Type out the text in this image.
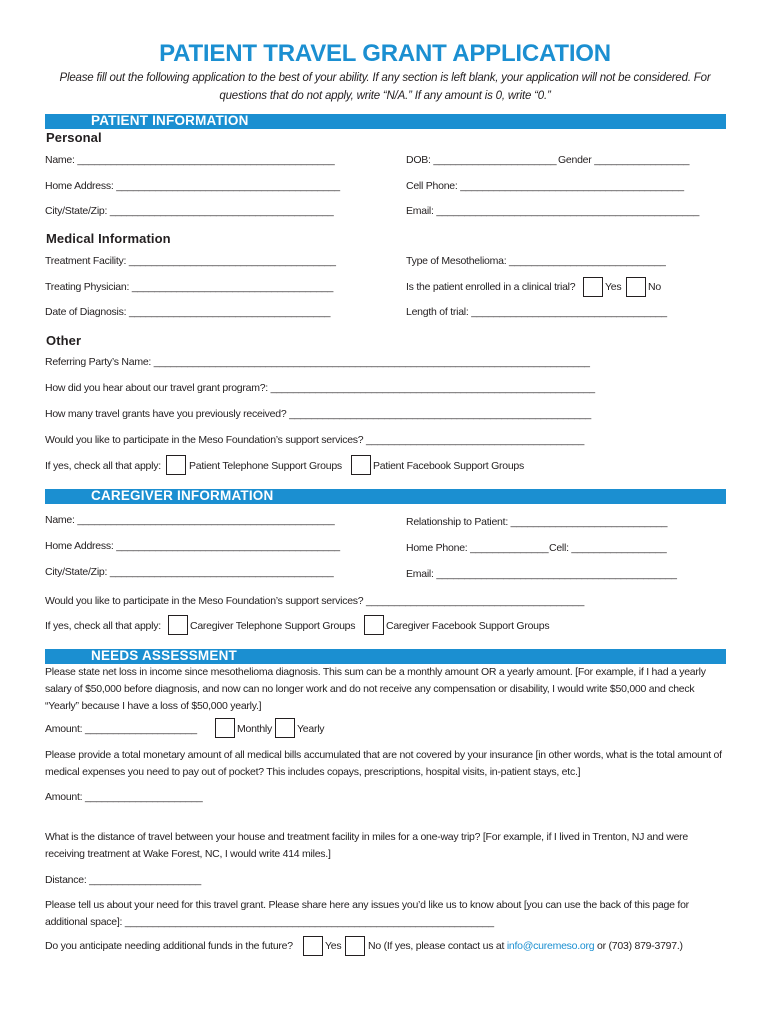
PATIENT TRAVEL GRANT APPLICATION
Please fill out the following application to the best of your ability. If any section is left blank, your application will not be considered. For questions that do not apply, write “N/A.” If any amount is 0, write “0.”
PATIENT INFORMATION
Personal
Name: ______________________________________________	DOB: ______________________ Gender _________________
Home Address: ________________________________________	Cell Phone: ________________________________________
City/State/Zip: ________________________________________	Email: _______________________________________________
Medical Information
Treatment Facility: _____________________________________	Type of Mesothelioma: ____________________________
Treating Physician: ____________________________________	Is the patient enrolled in a clinical trial?	Yes	No
Date of Diagnosis: ____________________________________	Length of trial: ___________________________________
Other
Referring Party’s Name: ______________________________________________________________________________
How did you hear about our travel grant program?: __________________________________________________________
How many travel grants have you previously received? ______________________________________________________
Would you like to participate in the Meso Foundation’s support services? _______________________________________
If yes, check all that apply:	Patient Telephone Support Groups	Patient Facebook Support Groups
CAREGIVER INFORMATION
Name: ______________________________________________	Relationship to Patient: ____________________________
Home Address: ________________________________________	Home Phone: ______________ Cell: _________________
City/State/Zip: ________________________________________	Email: ___________________________________________
Would you like to participate in the Meso Foundation’s support services? _______________________________________
If yes, check all that apply:	Caregiver Telephone Support Groups	Caregiver Facebook Support Groups
NEEDS ASSESSMENT
Please state net loss in income since mesothelioma diagnosis. This sum can be a monthly amount OR a yearly amount. [For example, if I had a yearly salary of $50,000 before diagnosis, and now can no longer work and do not receive any compensation or disability, I would write $50,000 and check “Yearly” because I have a loss of $50,000 yearly.]
Amount: ____________________	Monthly Yearly
Please provide a total monetary amount of all medical bills accumulated that are not covered by your insurance [in other words, what is the total amount of medical expenses you need to pay out of pocket? This includes copays, prescriptions, hospital visits, in-patient stays, etc.]
Amount: _____________________
What is the distance of travel between your house and treatment facility in miles for a one-way trip? [For example, if I lived in Trenton, NJ and were receiving treatment at Wake Forest, NC, I would write 414 miles.]
Distance: ____________________
Please tell us about your need for this travel grant. Please share here any issues you’d like us to know about [you can use the back of this page for additional space]: __________________________________________________________________
Do you anticipate needing additional funds in the future?	Yes	No (If yes, please contact us at info@curemeso.org or (703) 879-3797.)
